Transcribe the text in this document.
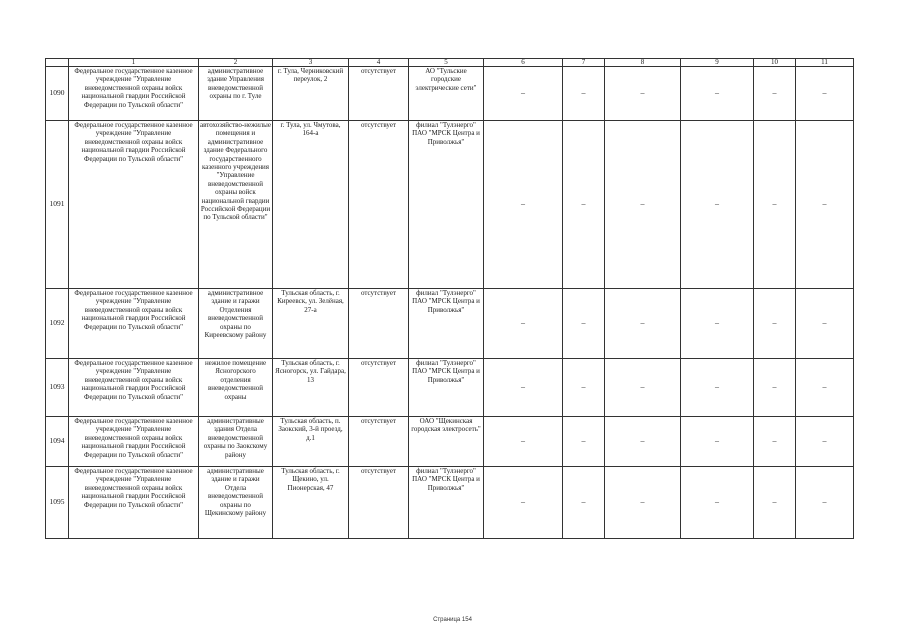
	1	2	3	4	5	6	7	8	9	10	11
1090	Федеральное государственное казенное учреждение "Управление вневедомственной охраны войск национальной гвардии Российской Федерации по Тульской области"	административное здание Управления вневедомственной охраны по г. Туле	г. Тула, Черниковский переулок, 2	отсутствует	АО "Тульские городские электрические сети"	–	–	–	–	–	–
1091	Федеральное государственное казенное учреждение "Управление вневедомственной охраны войск национальной гвардии Российской Федерации по Тульской области"	автохозяйство-нежилые помещения и административное здание Федерального государственного казенного учреждения "Управление вневедомственной охраны войск национальной гвардии Российской Федерации по Тульской области"	г. Тула, ул. Чмутова, 164-а	отсутствует	филиал "Тулэнерго" ПАО "МРСК Центра и Приволжья"	–	–	–	–	–	–
1092	Федеральное государственное казенное учреждение "Управление вневедомственной охраны войск национальной гвардии Российской Федерации по Тульской области"	административное здание и гаражи Отделения вневедомственной охраны по Киреевскому району	Тульская область, г. Киреевск, ул. Зелёная, 27-а	отсутствует	филиал "Тулэнерго" ПАО "МРСК Центра и Приволжья"	–	–	–	–	–	–
1093	Федеральное государственное казенное учреждение "Управление вневедомственной охраны войск национальной гвардии Российской Федерации по Тульской области"	нежилое помещение Ясногорского отделения вневедомственной охраны	Тульская область, г. Ясногорск, ул. Гайдара, 13	отсутствует	филиал "Тулэнерго" ПАО "МРСК Центра и Приволжья"	–	–	–	–	–	–
1094	Федеральное государственное казенное учреждение "Управление вневедомственной охраны войск национальной гвардии Российской Федерации по Тульской области"	административные здания Отдела вневедомственной охраны по Заокскому району	Тульская область, п. Заокский, 3-й проезд, д.1	отсутствует	ОАО "Щекинская городская электросеть"	–	–	–	–	–	–
1095	Федеральное государственное казенное учреждение "Управление вневедомственной охраны войск национальной гвардии Российской Федерации по Тульской области"	административные здание и гаражи Отдела вневедомственной охраны по Щекинскому району	Тульская область, г. Щекино, ул. Пионерская, 47	отсутствует	филиал "Тулэнерго" ПАО "МРСК Центра и Приволжья"	–	–	–	–	–	–
Страница 154
